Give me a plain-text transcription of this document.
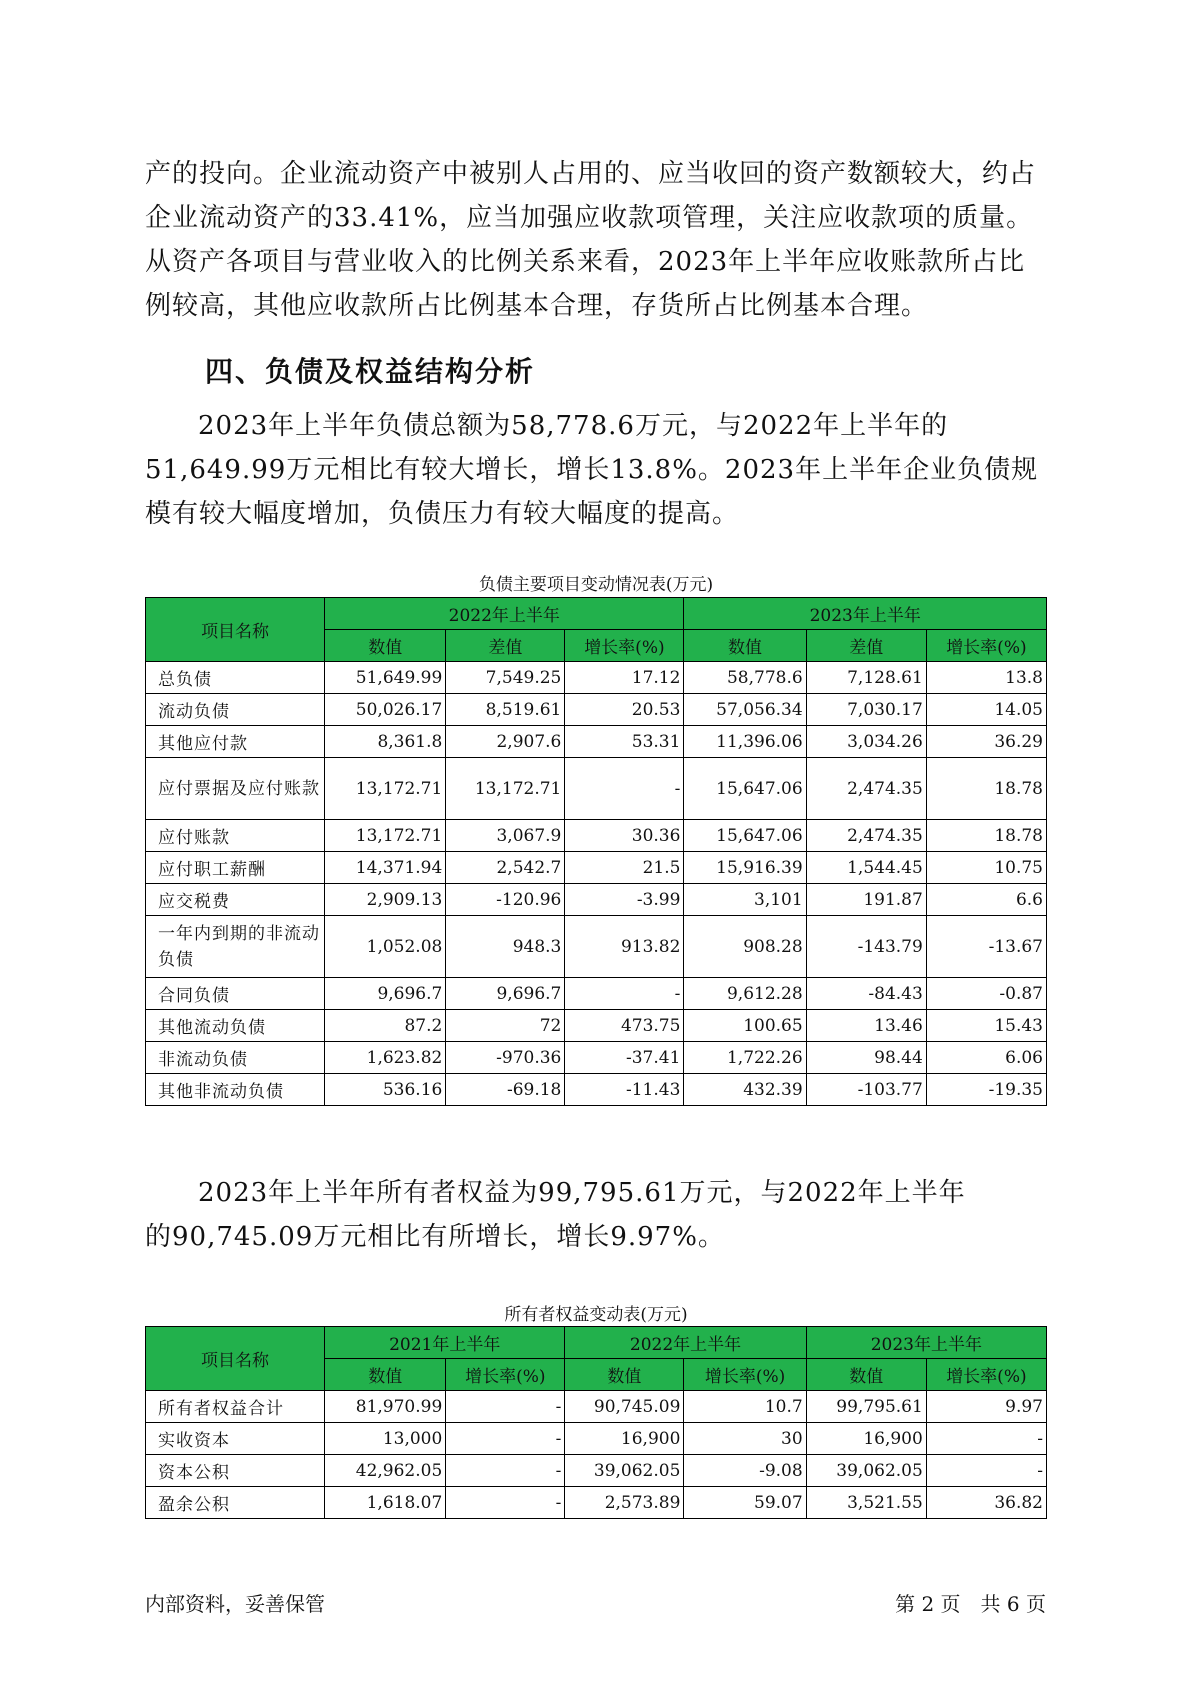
产的投向。企业流动资产中被别人占用的、应当收回的资产数额较大，约占企业流动资产的33.41%，应当加强应收款项管理，关注应收款项的质量。从资产各项目与营业收入的比例关系来看，2023年上半年应收账款所占比例较高，其他应收款所占比例基本合理，存货所占比例基本合理。

四、负债及权益结构分析

2023年上半年负债总额为58,778.6万元，与2022年上半年的51,649.99万元相比有较大增长，增长13.8%。2023年上半年企业负债规模有较大幅度增加，负债压力有较大幅度的提高。

负债主要项目变动情况表(万元)
项目名称	2022年上半年			2023年上半年		
	数值	差值	增长率(%)	数值	差值	增长率(%)
总负债	51,649.99	7,549.25	17.12	58,778.6	7,128.61	13.8
流动负债	50,026.17	8,519.61	20.53	57,056.34	7,030.17	14.05
其他应付款	8,361.8	2,907.6	53.31	11,396.06	3,034.26	36.29
应付票据及应付账款	13,172.71	13,172.71	-	15,647.06	2,474.35	18.78
应付账款	13,172.71	3,067.9	30.36	15,647.06	2,474.35	18.78
应付职工薪酬	14,371.94	2,542.7	21.5	15,916.39	1,544.45	10.75
应交税费	2,909.13	-120.96	-3.99	3,101	191.87	6.6
一年内到期的非流动负债	1,052.08	948.3	913.82	908.28	-143.79	-13.67
合同负债	9,696.7	9,696.7	-	9,612.28	-84.43	-0.87
其他流动负债	87.2	72	473.75	100.65	13.46	15.43
非流动负债	1,623.82	-970.36	-37.41	1,722.26	98.44	6.06
其他非流动负债	536.16	-69.18	-11.43	432.39	-103.77	-19.35

2023年上半年所有者权益为99,795.61万元，与2022年上半年的90,745.09万元相比有所增长，增长9.97%。

所有者权益变动表(万元)
项目名称	2021年上半年		2022年上半年		2023年上半年	
	数值	增长率(%)	数值	增长率(%)	数值	增长率(%)
所有者权益合计	81,970.99	-	90,745.09	10.7	99,795.61	9.97
实收资本	13,000	-	16,900	30	16,900	-
资本公积	42,962.05	-	39,062.05	-9.08	39,062.05	-
盈余公积	1,618.07	-	2,573.89	59.07	3,521.55	36.82
内部资料，妥善保管	第 2 页　共 6 页
